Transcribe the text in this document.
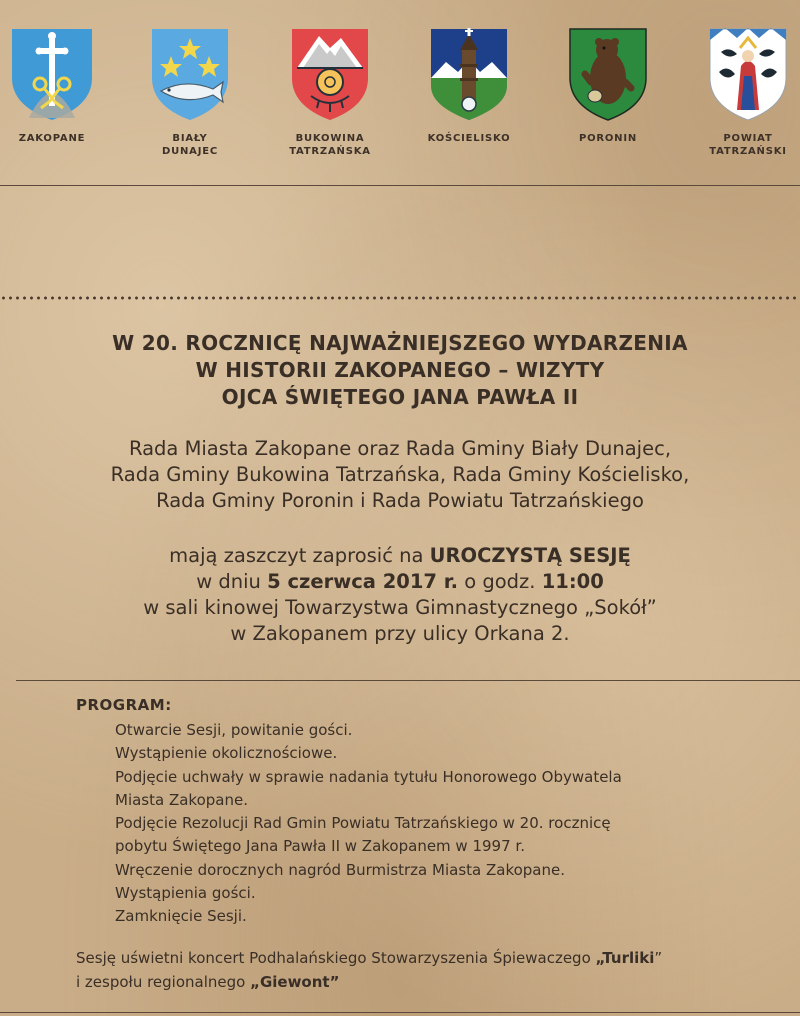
ZAKOPANE	BIAŁY
DUNAJEC
BUKOWINA
TATRZAŃSKA
KOŚCIELISKO	PORONIN	POWIAT
TATRZAŃSKI
W 20. ROCZNICĘ NAJWAŻNIEJSZEGO WYDARZENIA
W HISTORII ZAKOPANEGO – WIZYTY
OJCA ŚWIĘTEGO JANA PAWŁA II
Rada Miasta Zakopane oraz Rada Gminy Biały Dunajec,
Rada Gminy Bukowina Tatrzańska, Rada Gminy Kościelisko,
Rada Gminy Poronin i Rada Powiatu Tatrzańskiego
mają zaszczyt zaprosić na UROCZYSTĄ SESJĘ
w dniu 5 czerwca 2017 r. o godz. 11:00
w sali kinowej Towarzystwa Gimnastycznego „Sokół”
w Zakopanem przy ulicy Orkana 2.
PROGRAM:
Otwarcie Sesji, powitanie gości.
Wystąpienie okolicznościowe.
Podjęcie uchwały w sprawie nadania tytułu Honorowego Obywatela
Miasta Zakopane.
Podjęcie Rezolucji Rad Gmin Powiatu Tatrzańskiego w 20. rocznicę
pobytu Świętego Jana Pawła II w Zakopanem w 1997 r.
Wręczenie dorocznych nagród Burmistrza Miasta Zakopane.
Wystąpienia gości.
Zamknięcie Sesji.
Sesję uświetni koncert Podhalańskiego Stowarzyszenia Śpiewaczego „Turliki”
i zespołu regionalnego „Giewont”
